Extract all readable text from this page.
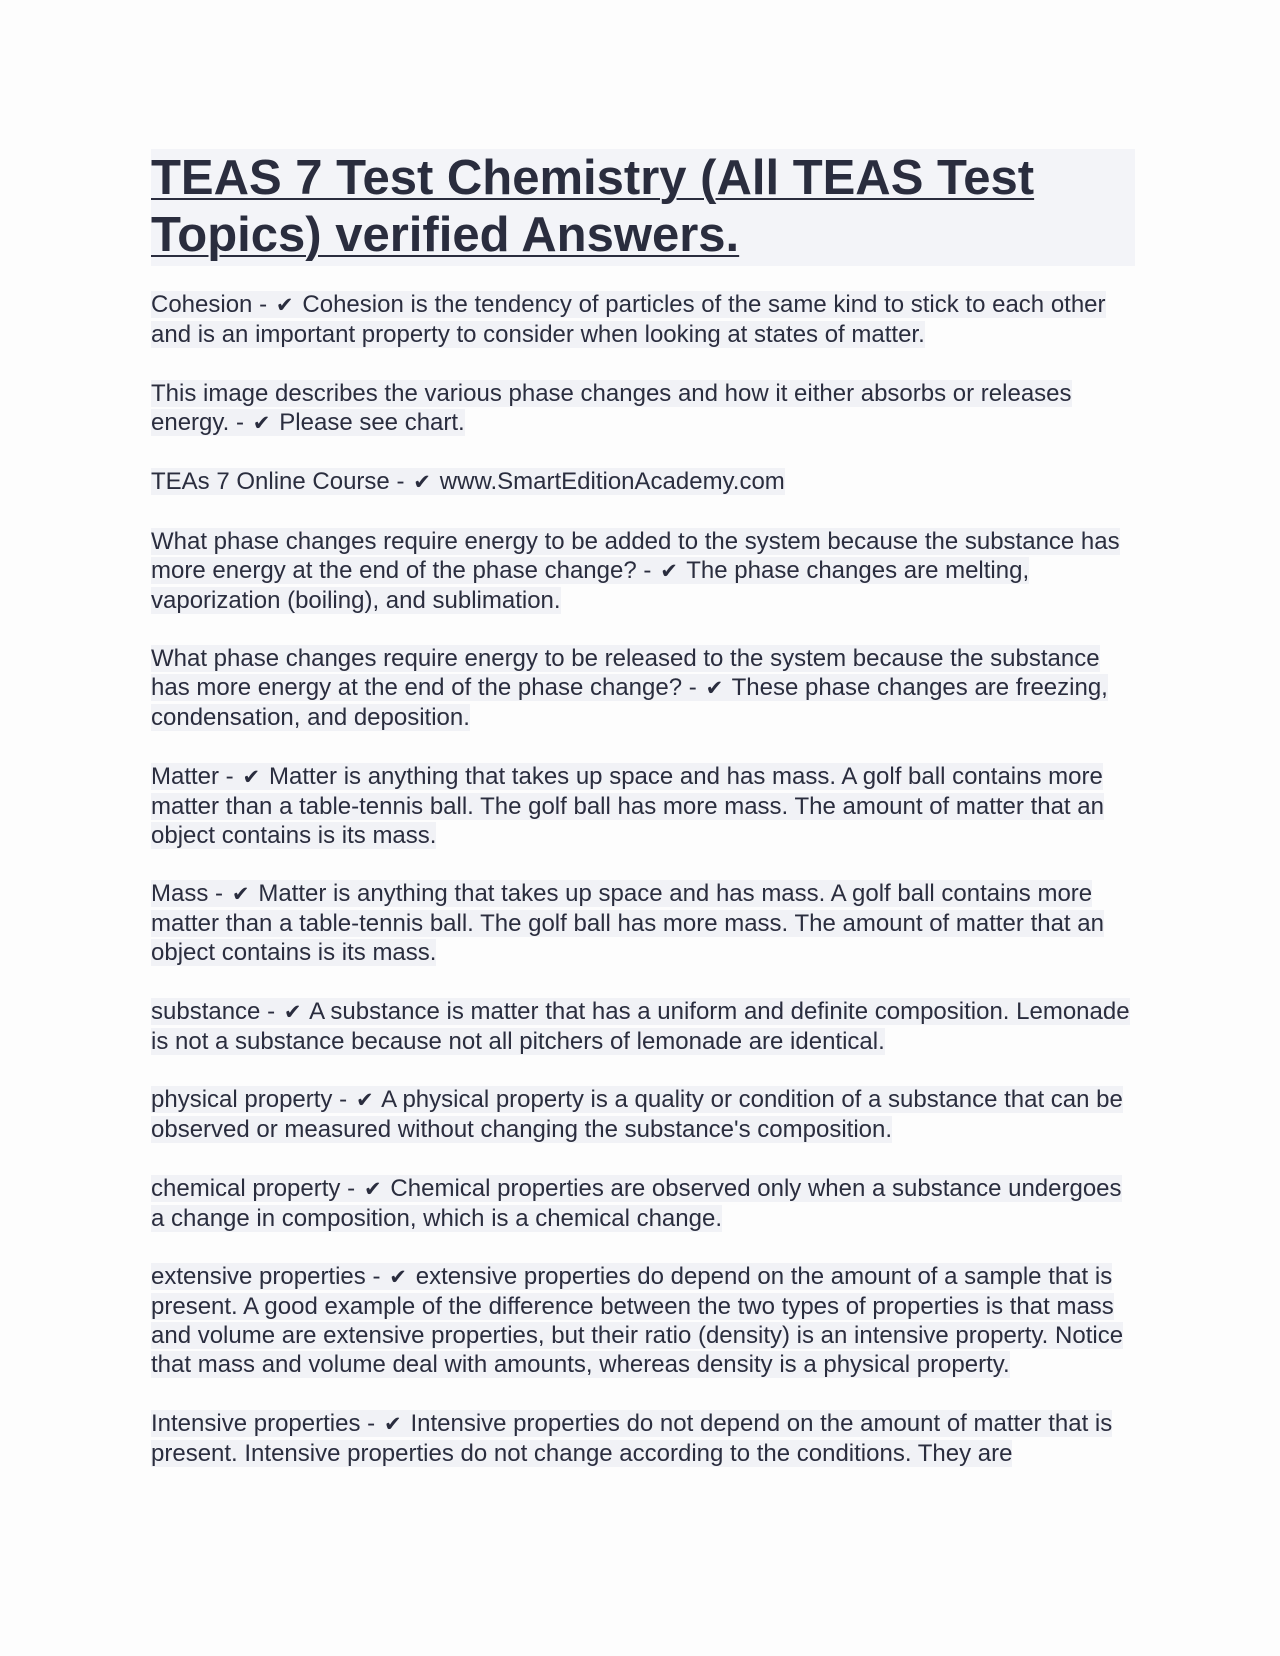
TEAS 7 Test Chemistry (All TEAS Test Topics) verified Answers.

Cohesion - ✔ Cohesion is the tendency of particles of the same kind to stick to each other and is an important property to consider when looking at states of matter.

This image describes the various phase changes and how it either absorbs or releases energy. - ✔ Please see chart.

TEAs 7 Online Course - ✔ www.SmartEditionAcademy.com

What phase changes require energy to be added to the system because the substance has more energy at the end of the phase change? - ✔ The phase changes are melting, vaporization (boiling), and sublimation.

What phase changes require energy to be released to the system because the substance has more energy at the end of the phase change? - ✔ These phase changes are freezing, condensation, and deposition.

Matter - ✔ Matter is anything that takes up space and has mass. A golf ball contains more matter than a table-tennis ball. The golf ball has more mass. The amount of matter that an object contains is its mass.

Mass - ✔ Matter is anything that takes up space and has mass. A golf ball contains more matter than a table-tennis ball. The golf ball has more mass. The amount of matter that an object contains is its mass.

substance - ✔ A substance is matter that has a uniform and definite composition. Lemonade is not a substance because not all pitchers of lemonade are identical.

physical property - ✔ A physical property is a quality or condition of a substance that can be observed or measured without changing the substance's composition.

chemical property - ✔ Chemical properties are observed only when a substance undergoes a change in composition, which is a chemical change.

extensive properties - ✔ extensive properties do depend on the amount of a sample that is present. A good example of the difference between the two types of properties is that mass and volume are extensive properties, but their ratio (density) is an intensive property. Notice that mass and volume deal with amounts, whereas density is a physical property.

Intensive properties - ✔ Intensive properties do not depend on the amount of matter that is present. Intensive properties do not change according to the conditions. They are
